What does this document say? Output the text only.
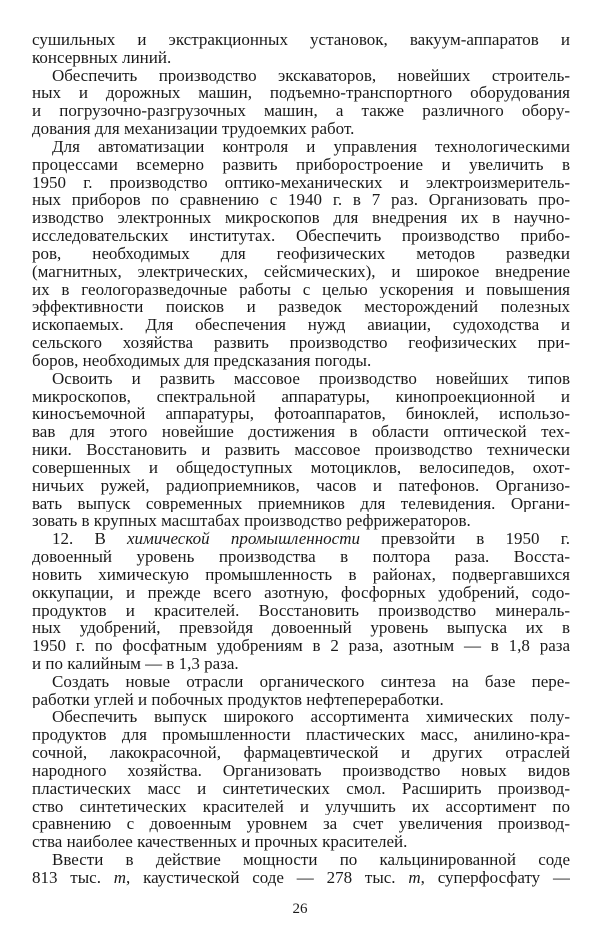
сушильных и экстракционных установок, вакуум-аппаратов и
консервных линий.
Обеспечить производство экскаваторов, новейших строитель-
ных и дорожных машин, подъемно-транспортного оборудования
и погрузочно-разгрузочных машин, а также различного обору-
дования для механизации трудоемких работ.
Для автоматизации контроля и управления технологическими
процессами всемерно развить приборостроение и увеличить в
1950 г. производство оптико-механических и электроизмеритель-
ных приборов по сравнению с 1940 г. в 7 раз. Организовать про-
изводство электронных микроскопов для внедрения их в научно-
исследовательских институтах. Обеспечить производство прибо-
ров, необходимых для геофизических методов разведки
(магнитных, электрических, сейсмических), и широкое внедрение
их в геологоразведочные работы с целью ускорения и повышения
эффективности поисков и разведок месторождений полезных
ископаемых. Для обеспечения нужд авиации, судоходства и
сельского хозяйства развить производство геофизических при-
боров, необходимых для предсказания погоды.
Освоить и развить массовое производство новейших типов
микроскопов, спектральной аппаратуры, кинопроекционной и
киносъемочной аппаратуры, фотоаппаратов, биноклей, использо-
вав для этого новейшие достижения в области оптической тех-
ники. Восстановить и развить массовое производство технически
совершенных и общедоступных мотоциклов, велосипедов, охот-
ничьих ружей, радиоприемников, часов и патефонов. Организо-
вать выпуск современных приемников для телевидения. Органи-
зовать в крупных масштабах производство рефрижераторов.
12. В химической промышленности превзойти в 1950 г.
довоенный уровень производства в полтора раза. Восста-
новить химическую промышленность в районах, подвергавшихся
оккупации, и прежде всего азотную, фосфорных удобрений, содо-
продуктов и красителей. Восстановить производство минераль-
ных удобрений, превзойдя довоенный уровень выпуска их в
1950 г. по фосфатным удобрениям в 2 раза, азотным — в 1,8 раза
и по калийным — в 1,3 раза.
Создать новые отрасли органического синтеза на базе пере-
работки углей и побочных продуктов нефтепереработки.
Обеспечить выпуск широкого ассортимента химических полу-
продуктов для промышленности пластических масс, анилино-кра-
сочной, лакокрасочной, фармацевтической и других отраслей
народного хозяйства. Организовать производство новых видов
пластических масс и синтетических смол. Расширить производ-
ство синтетических красителей и улучшить их ассортимент по
сравнению с довоенным уровнем за счет увеличения производ-
ства наиболее качественных и прочных красителей.
Ввести в действие мощности по кальцинированной соде
813 тыс. т, каустической соде — 278 тыс. т, суперфосфату —
26
